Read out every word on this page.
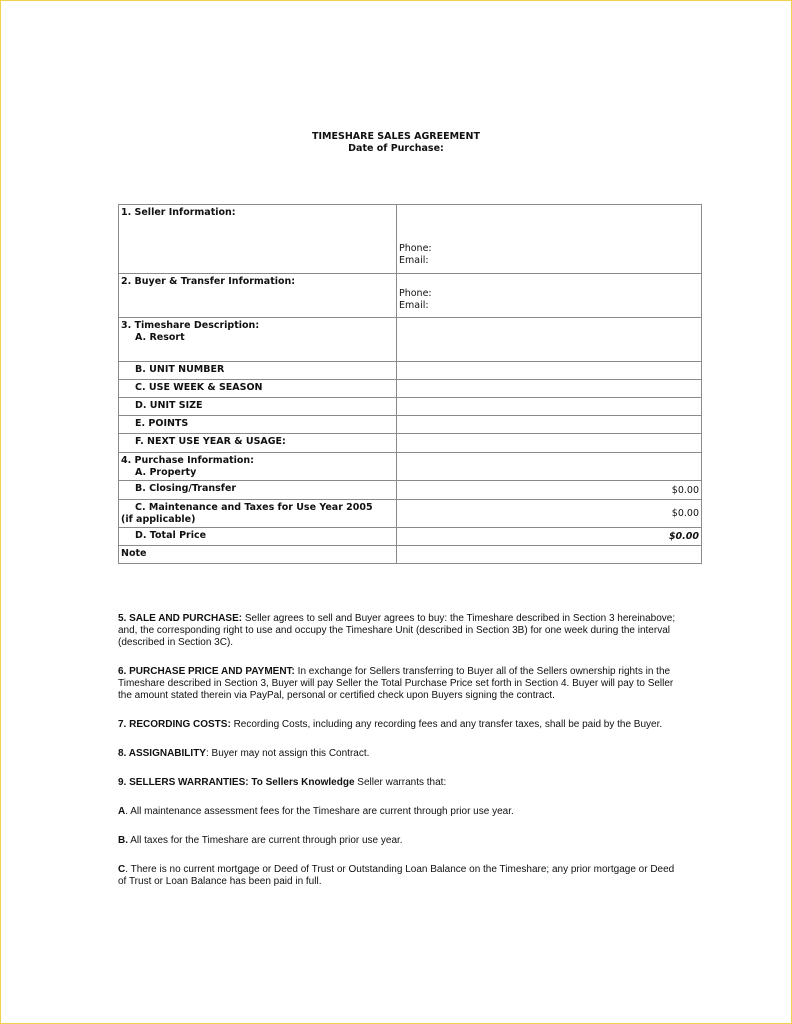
TIMESHARE SALES AGREEMENT
Date of Purchase:
1. Seller Information:	Phone:
Email:

2. Buyer & Transfer Information:	Phone:
Email:

3. Timeshare Description:
A. Resort	

B. UNIT NUMBER	

C. USE WEEK & SEASON	

D. UNIT SIZE	

E. POINTS	

F. NEXT USE YEAR & USAGE:	

4. Purchase Information:
A. Property	

B. Closing/Transfer	$0.00

C. Maintenance and Taxes for Use Year 2005
(if applicable)	$0.00

D. Total Price	$0.00
Note	

5. SALE AND PURCHASE: Seller agrees to sell and Buyer agrees to buy: the Timeshare described in Section 3 hereinabove; and, the corresponding right to use and occupy the Timeshare Unit (described in Section 3B) for one week during the interval (described in Section 3C).

6. PURCHASE PRICE AND PAYMENT: In exchange for Sellers transferring to Buyer all of the Sellers ownership rights in the Timeshare described in Section 3, Buyer will pay Seller the Total Purchase Price set forth in Section 4. Buyer will pay to Seller the amount stated therein via PayPal, personal or certified check upon Buyers signing the contract.

7. RECORDING COSTS: Recording Costs, including any recording fees and any transfer taxes, shall be paid by the Buyer.

8. ASSIGNABILITY: Buyer may not assign this Contract.

9. SELLERS WARRANTIES: To Sellers Knowledge Seller warrants that:

A. All maintenance assessment fees for the Timeshare are current through prior use year.

B. All taxes for the Timeshare are current through prior use year.

C. There is no current mortgage or Deed of Trust or Outstanding Loan Balance on the Timeshare; any prior mortgage or Deed of Trust or Loan Balance has been paid in full.
